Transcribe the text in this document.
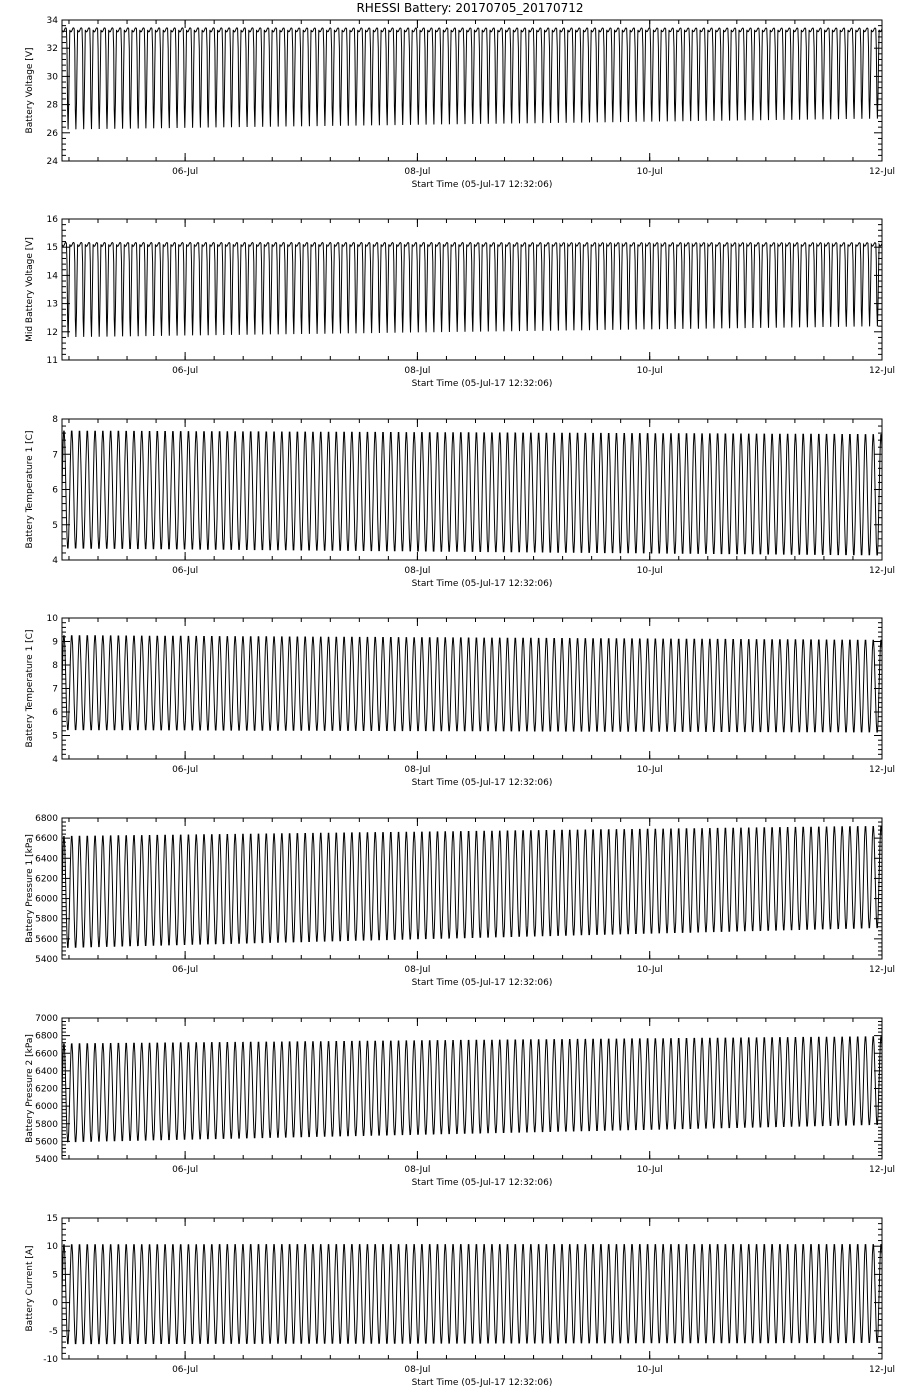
RHESSI Battery: 20170705_20170712
24
26
28
30
32
34
06-Jul	08-Jul	10-Jul	12-Jul
Start Time (05-Jul-17 12:32:06)
Battery Voltage [V]
11
12
13
14
15
16
06-Jul	08-Jul	10-Jul	12-Jul
Start Time (05-Jul-17 12:32:06)
Mid Battery Voltage [V]
4
5
6
7
8
06-Jul	08-Jul	10-Jul	12-Jul
Start Time (05-Jul-17 12:32:06)
Battery Temperature 1 [C]
4
5
6
7
8
9
10
06-Jul	08-Jul	10-Jul	12-Jul
Start Time (05-Jul-17 12:32:06)
Battery Temperature 1 [C]
5400
5600
5800
6000
6200
6400
6600
6800
06-Jul	08-Jul	10-Jul	12-Jul
Start Time (05-Jul-17 12:32:06)
Battery Pressure 1 [kPa]
5400
5600
5800
6000
6200
6400
6600
6800
7000
06-Jul	08-Jul	10-Jul	12-Jul
Start Time (05-Jul-17 12:32:06)
Battery Pressure 2 [kPa]
-10
-5
0
5
10
15
06-Jul	08-Jul	10-Jul	12-Jul
Start Time (05-Jul-17 12:32:06)
Battery Current [A]
